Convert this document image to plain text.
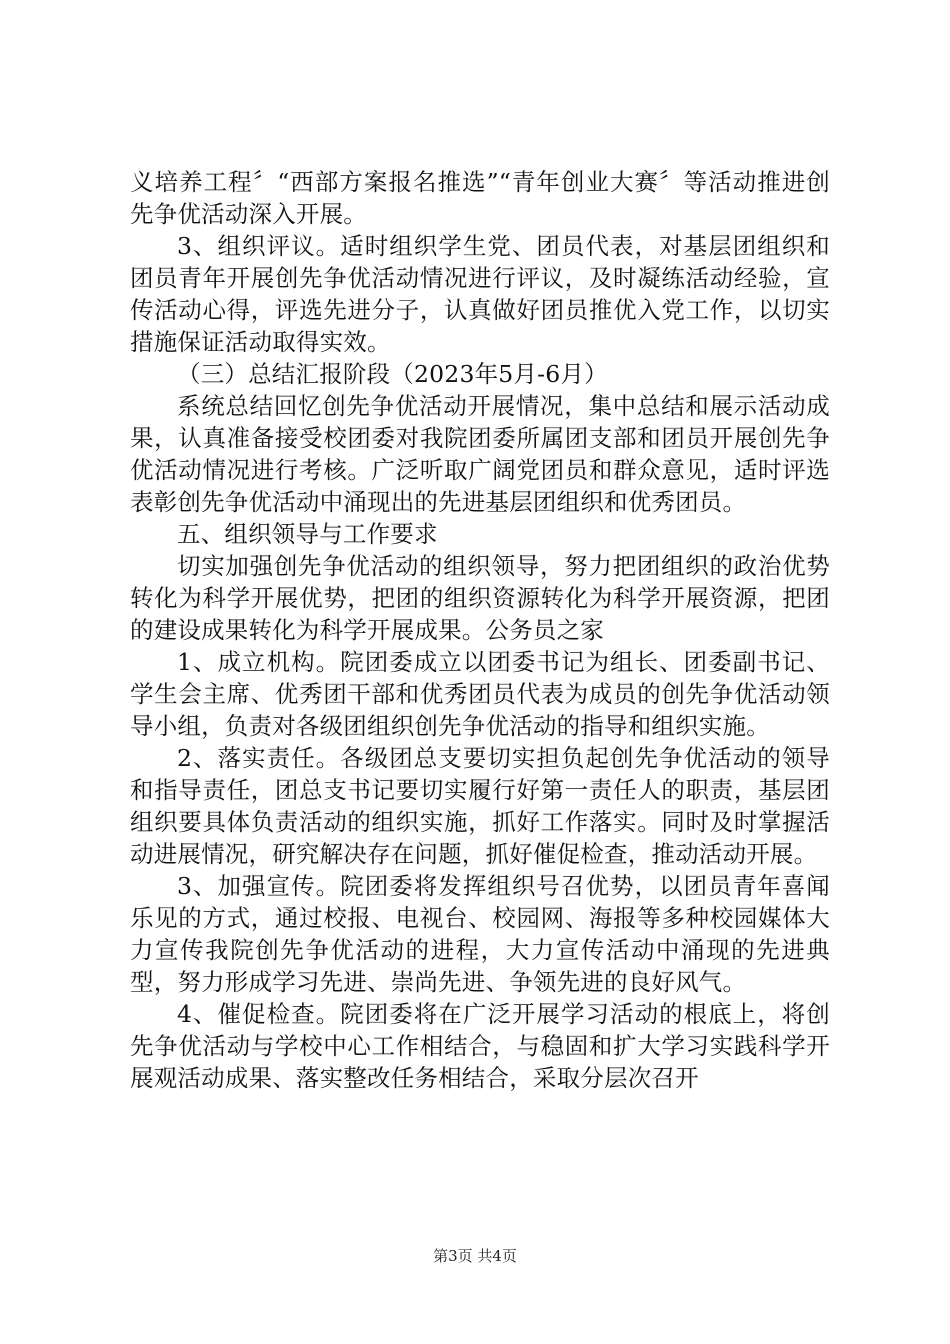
义培养工程〞“西部方案报名推选”“青年创业大赛〞等活动推进创先争优活动深入开展。

3、组织评议。适时组织学生党、团员代表，对基层团组织和团员青年开展创先争优活动情况进行评议，及时凝练活动经验，宣传活动心得，评选先进分子，认真做好团员推优入党工作，以切实措施保证活动取得实效。

（三）总结汇报阶段（2023年5月-6月）

系统总结回忆创先争优活动开展情况，集中总结和展示活动成果，认真准备接受校团委对我院团委所属团支部和团员开展创先争优活动情况进行考核。广泛听取广阔党团员和群众意见，适时评选表彰创先争优活动中涌现出的先进基层团组织和优秀团员。

五、组织领导与工作要求

切实加强创先争优活动的组织领导，努力把团组织的政治优势转化为科学开展优势，把团的组织资源转化为科学开展资源，把团的建设成果转化为科学开展成果。公务员之家

1、成立机构。院团委成立以团委书记为组长、团委副书记、学生会主席、优秀团干部和优秀团员代表为成员的创先争优活动领导小组，负责对各级团组织创先争优活动的指导和组织实施。

2、落实责任。各级团总支要切实担负起创先争优活动的领导和指导责任，团总支书记要切实履行好第一责任人的职责，基层团组织要具体负责活动的组织实施，抓好工作落实。同时及时掌握活动进展情况，研究解决存在问题，抓好催促检查，推动活动开展。

3、加强宣传。院团委将发挥组织号召优势，以团员青年喜闻乐见的方式，通过校报、电视台、校园网、海报等多种校园媒体大力宣传我院创先争优活动的进程，大力宣传活动中涌现的先进典型，努力形成学习先进、崇尚先进、争领先进的良好风气。

4、催促检查。院团委将在广泛开展学习活动的根底上，将创先争优活动与学校中心工作相结合，与稳固和扩大学习实践科学开展观活动成果、落实整改任务相结合，采取分层次召开

第3页 共4页
